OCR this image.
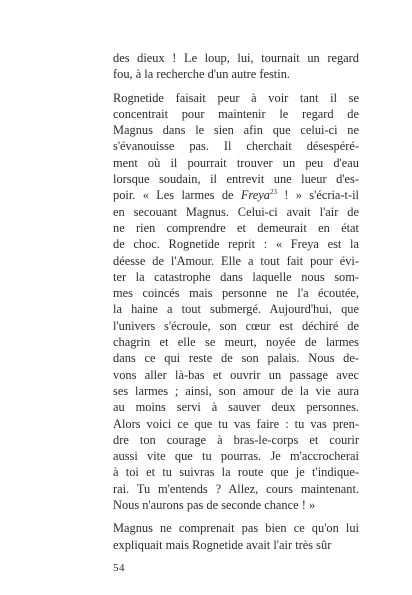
des dieux ! Le loup, lui, tournait un regard
fou, à la recherche d'un autre festin.
Rognetide faisait peur à voir tant il se
concentrait pour maintenir le regard de
Magnus dans le sien afin que celui-ci ne
s'évanouisse pas. Il cherchait désespéré-
ment où il pourrait trouver un peu d'eau
lorsque soudain, il entrevit une lueur d'es-
poir. « Les larmes de Freya$^{23}$ ! » s'écria-t-il
en secouant Magnus. Celui-ci avait l'air de
ne rien comprendre et demeurait en état
de choc. Rognetide reprit : « Freya est la
déesse de l'Amour. Elle a tout fait pour évi-
ter la catastrophe dans laquelle nous som-
mes coincés mais personne ne l'a écoutée,
la haine a tout submergé. Aujourd'hui, que
l'univers s'écroule, son cœur est déchiré de
chagrin et elle se meurt, noyée de larmes
dans ce qui reste de son palais. Nous de-
vons aller là-bas et ouvrir un passage avec
ses larmes ; ainsi, son amour de la vie aura
au moins servi à sauver deux personnes.
Alors voici ce que tu vas faire : tu vas pren-
dre ton courage à bras-le-corps et courir
aussi vite que tu pourras. Je m'accrocherai
à toi et tu suivras la route que je t'indique-
rai. Tu m'entends ? Allez, cours maintenant.
Nous n'aurons pas de seconde chance ! »
Magnus ne comprenait pas bien ce qu'on lui
expliquait mais Rognetide avait l'air très sûr
54
